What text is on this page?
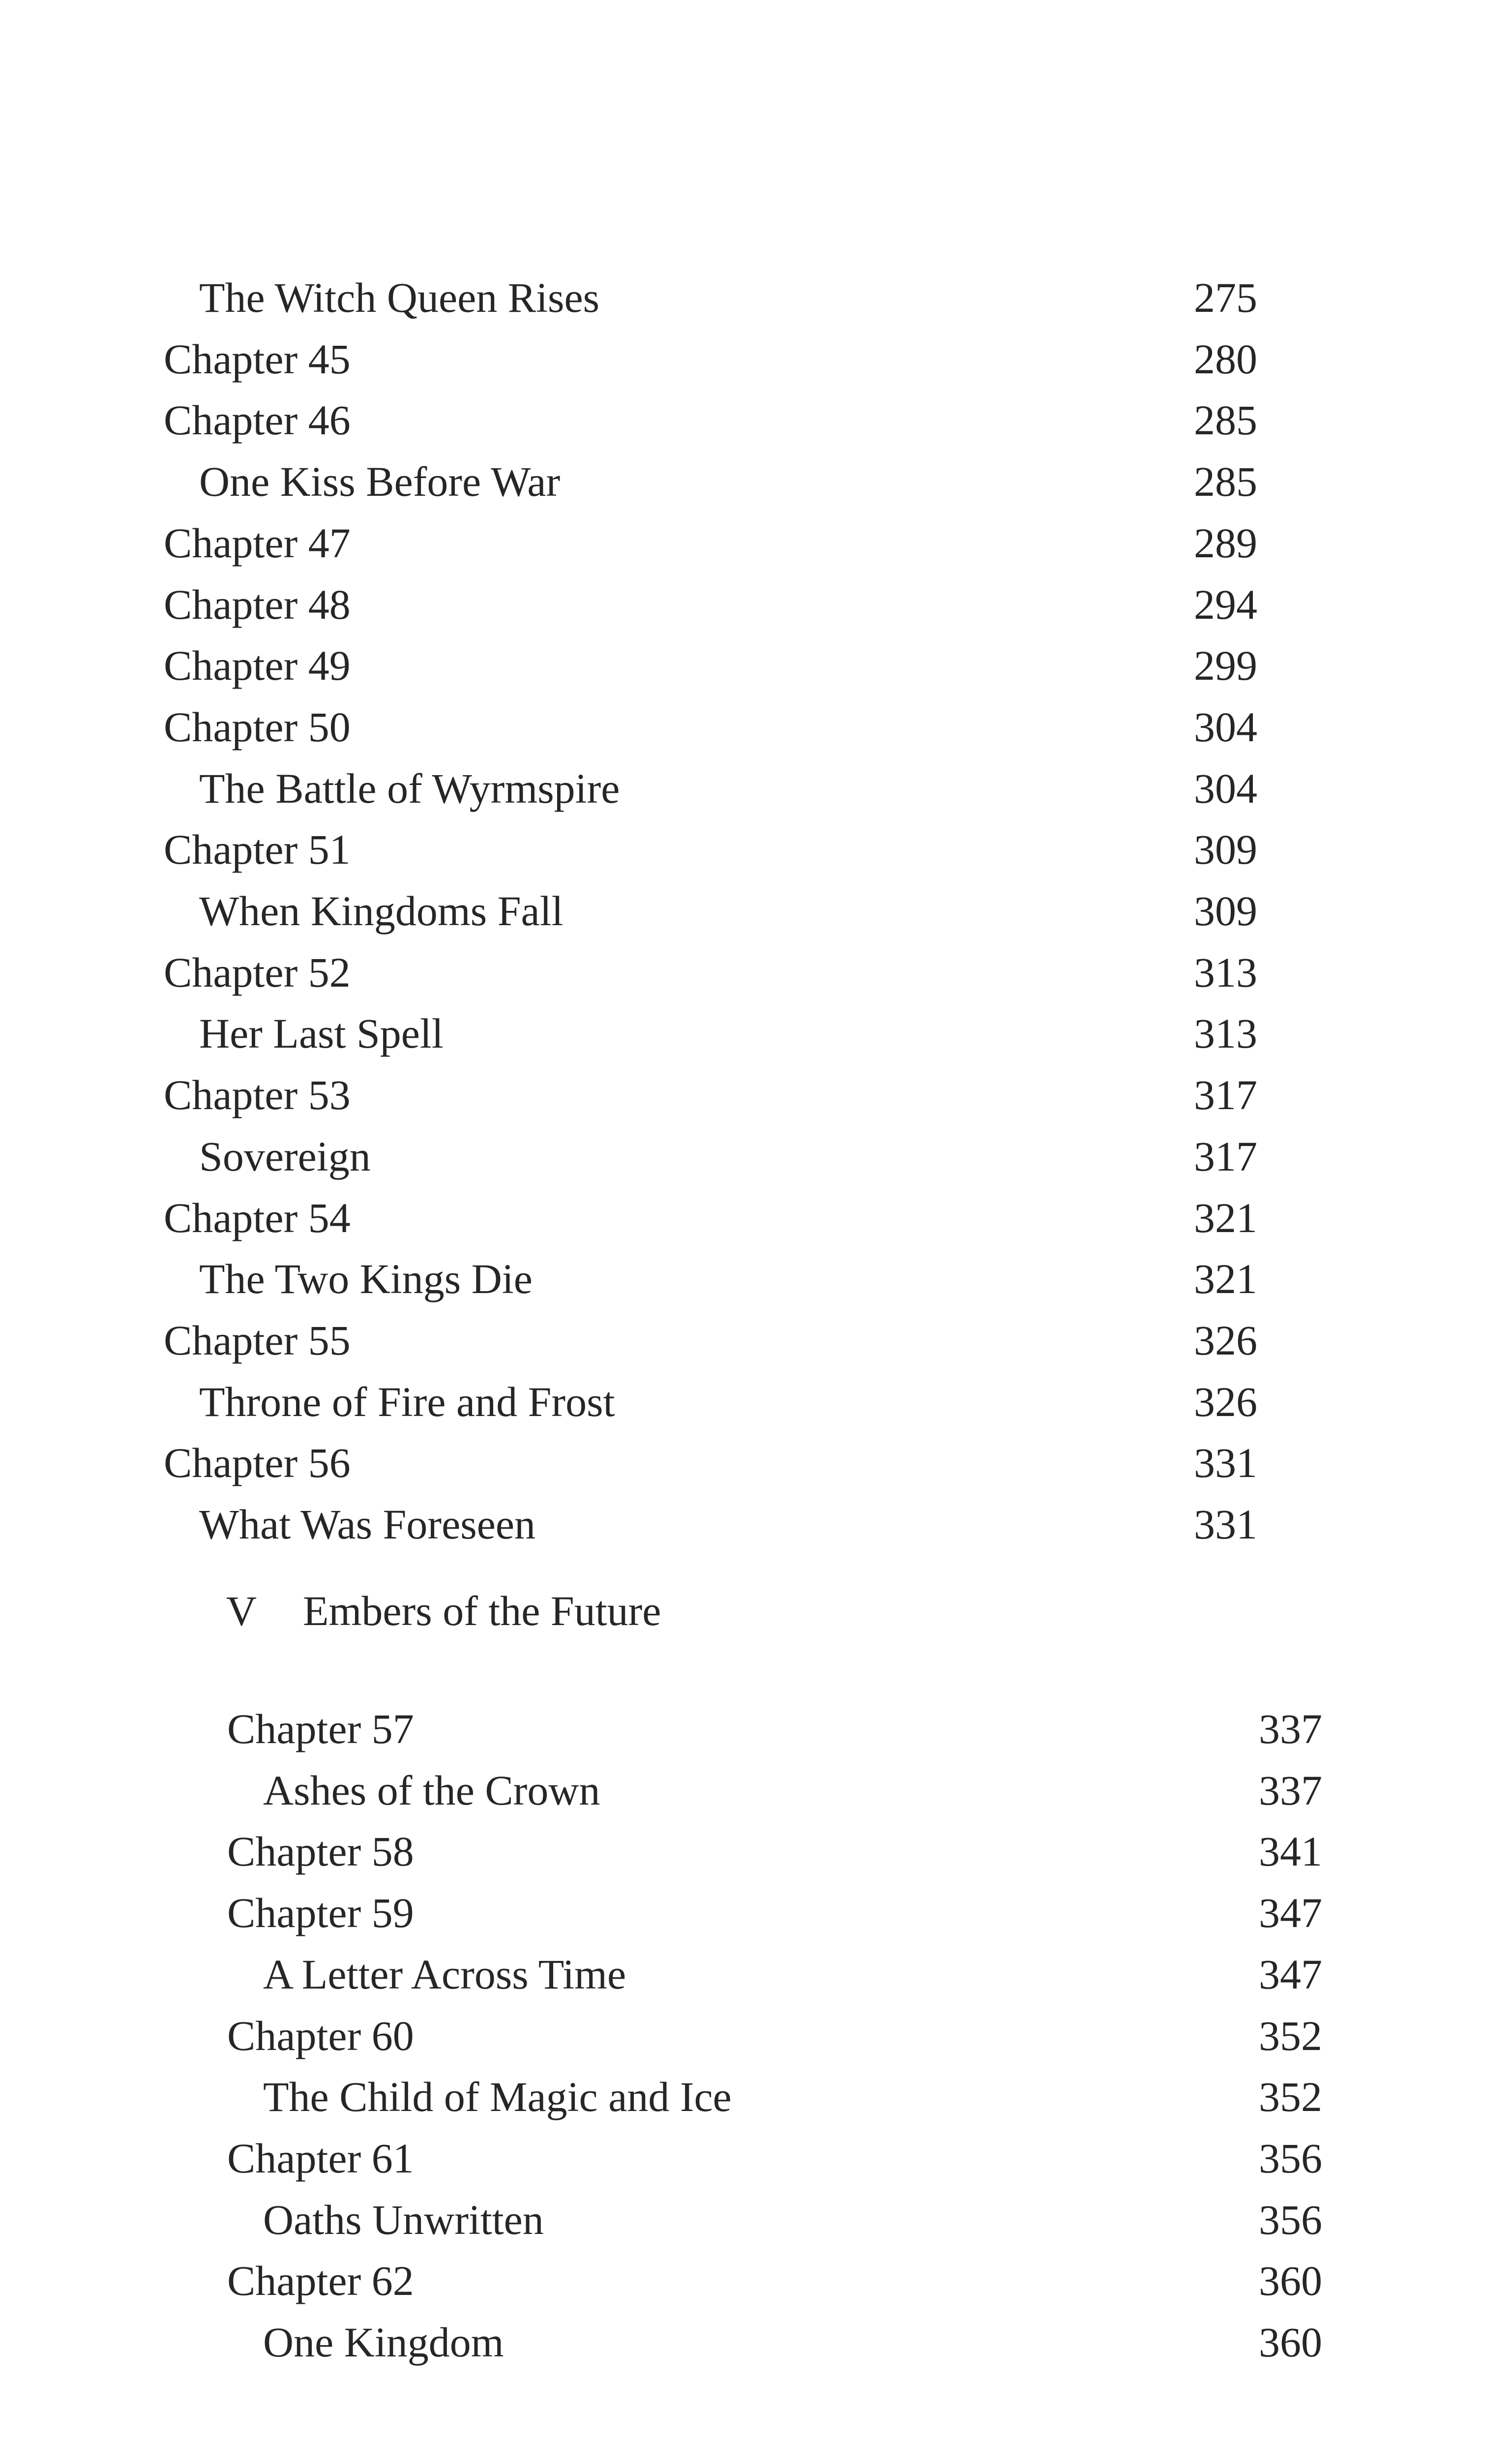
The Witch Queen Rises	275
Chapter 45	280
Chapter 46	285
One Kiss Before War	285
Chapter 47	289
Chapter 48	294
Chapter 49	299
Chapter 50	304
The Battle of Wyrmspire	304
Chapter 51	309
When Kingdoms Fall	309
Chapter 52	313
Her Last Spell	313
Chapter 53	317
Sovereign	317
Chapter 54	321
The Two Kings Die	321
Chapter 55	326
Throne of Fire and Frost	326
Chapter 56	331
What Was Foreseen	331
V Embers of the Future
Chapter 57	337
Ashes of the Crown	337
Chapter 58	341
Chapter 59	347
A Letter Across Time	347
Chapter 60	352
The Child of Magic and Ice	352
Chapter 61	356
Oaths Unwritten	356
Chapter 62	360
One Kingdom	360
